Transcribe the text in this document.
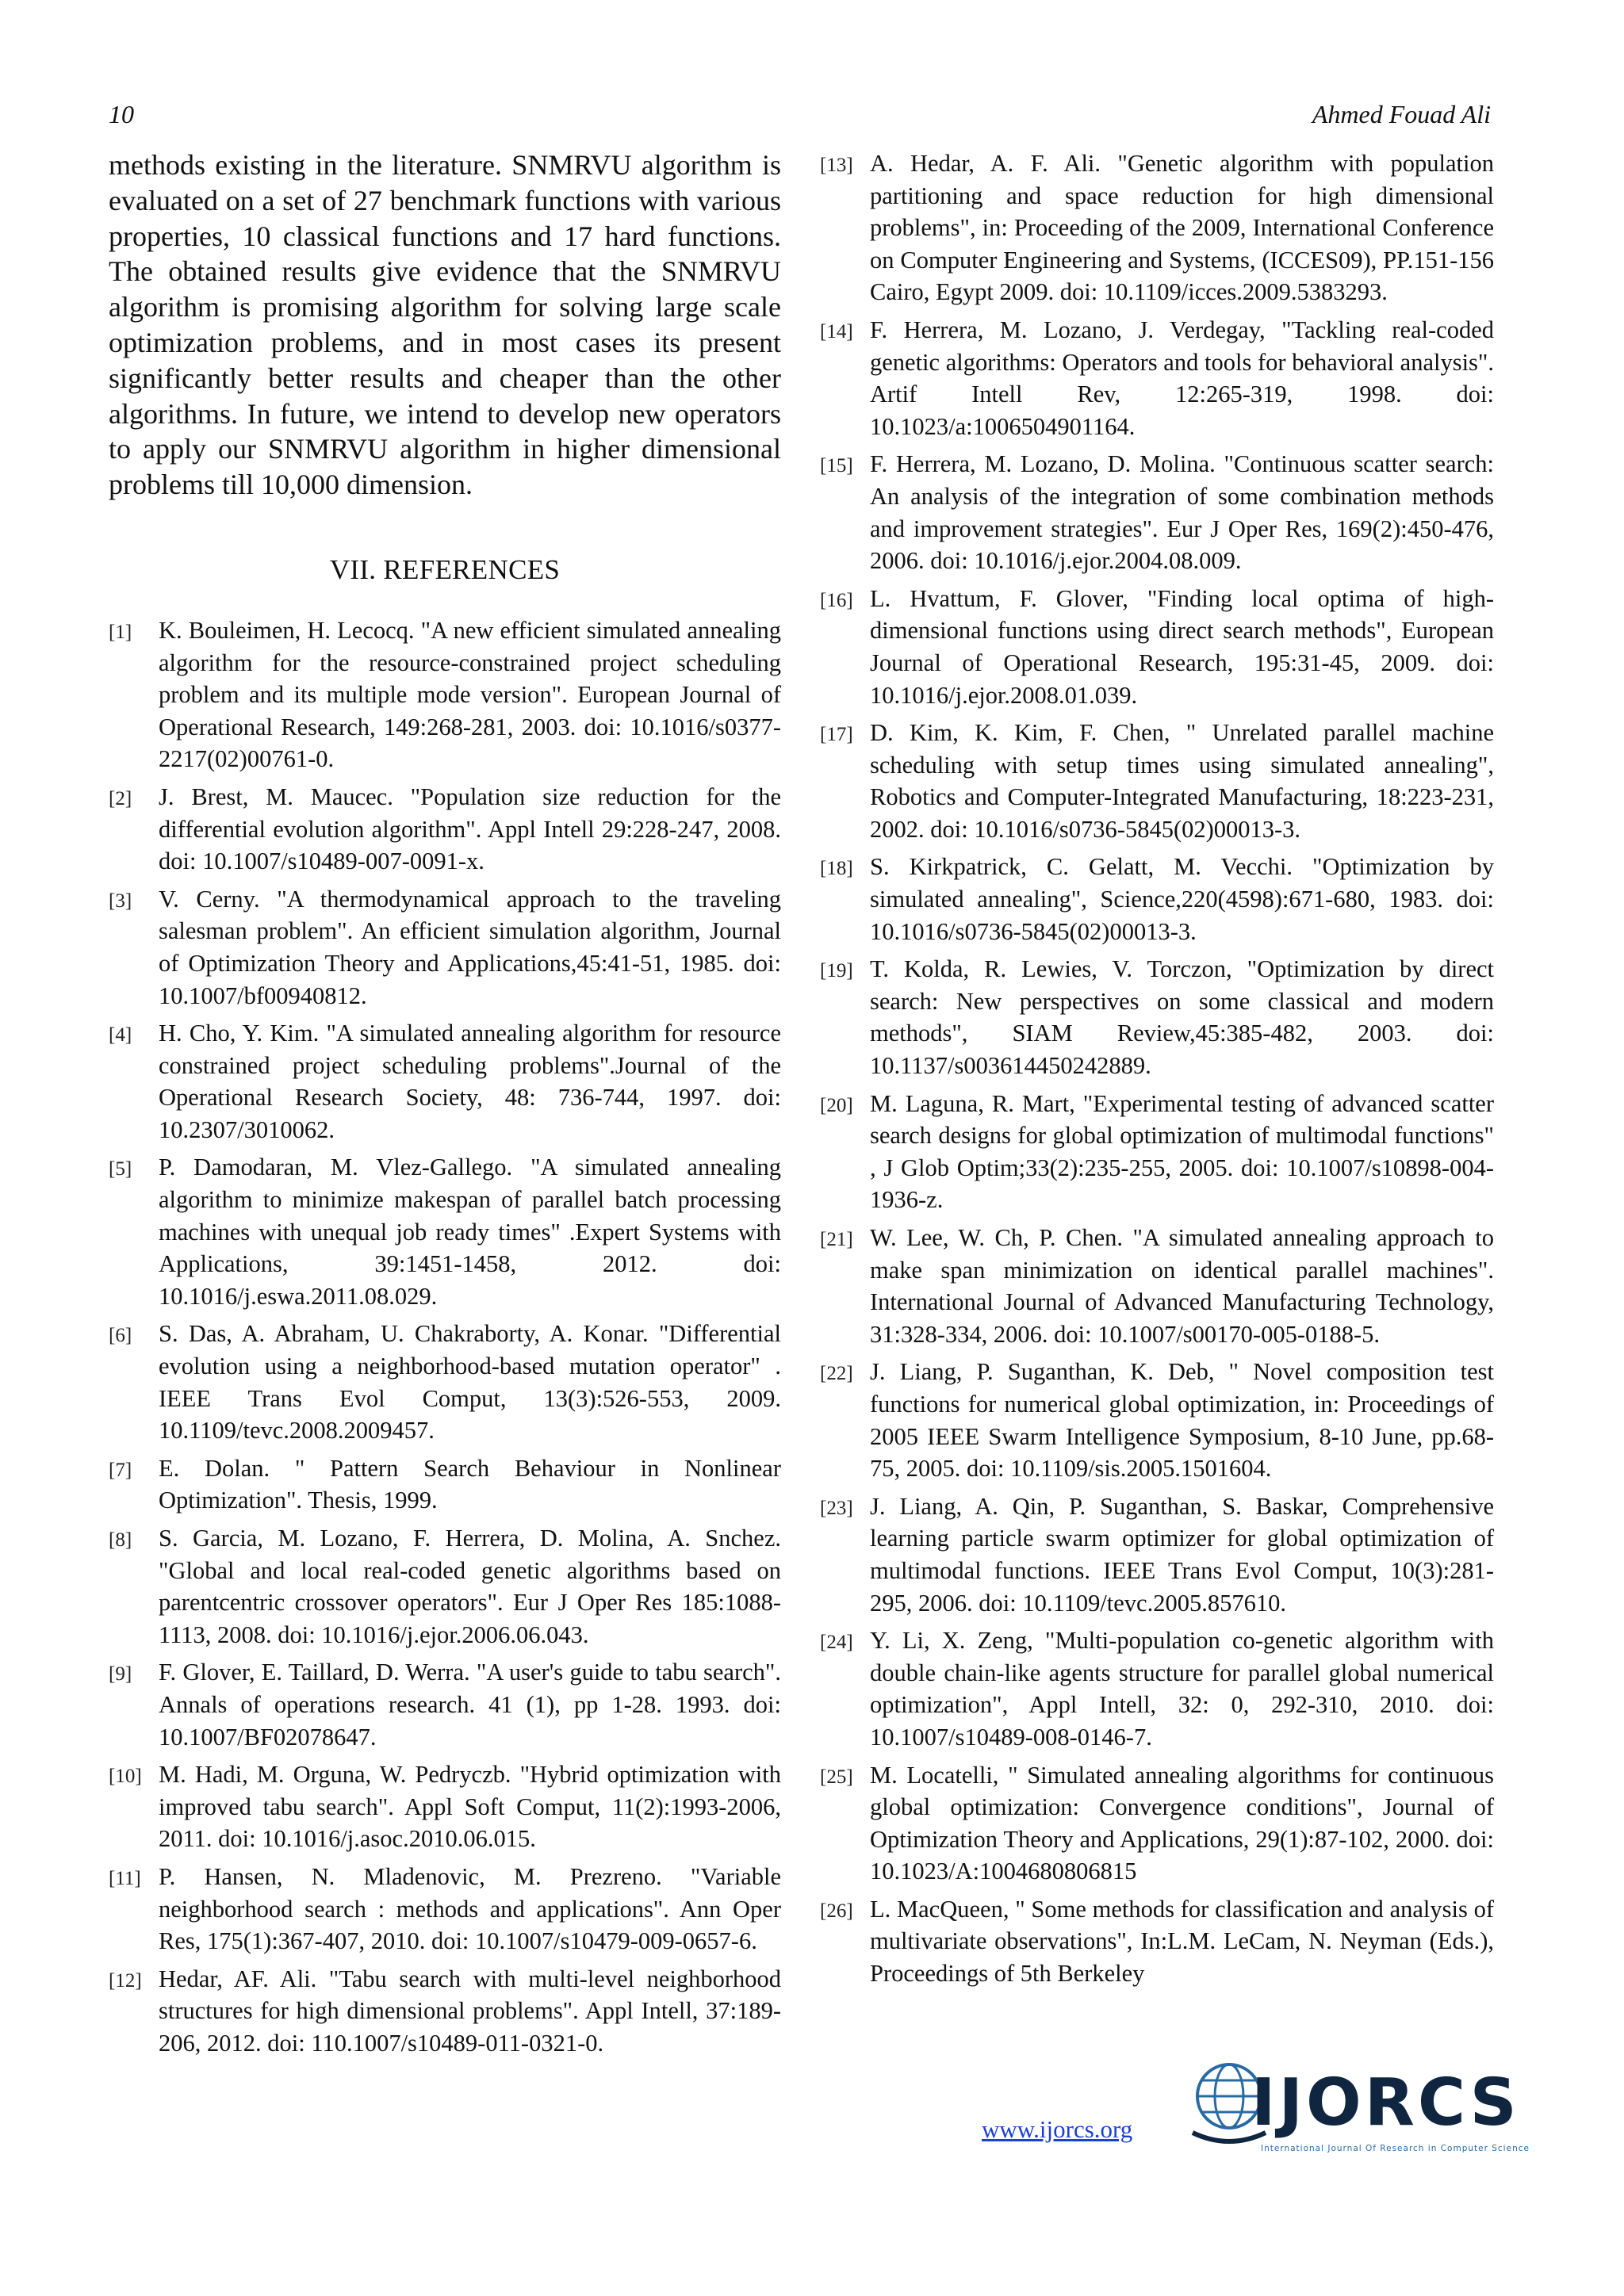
10	Ahmed Fouad Ali

methods existing in the literature. SNMRVU algorithm is evaluated on a set of 27 benchmark functions with various properties, 10 classical functions and 17 hard functions. The obtained results give evidence that the SNMRVU algorithm is promising algorithm for solving large scale optimization problems, and in most cases its present significantly better results and cheaper than the other algorithms. In future, we intend to develop new operators to apply our SNMRVU algorithm in higher dimensional problems till 10,000 dimension.

VII. REFERENCES
[1] K. Bouleimen, H. Lecocq. "A new efficient simulated annealing algorithm for the resource-constrained project scheduling problem and its multiple mode version". European Journal of Operational Research, 149:268-281, 2003. doi: 10.1016/s0377-2217(02)00761-0.
[2] J. Brest, M. Maucec. "Population size reduction for the differential evolution algorithm". Appl Intell 29:228-247, 2008. doi: 10.1007/s10489-007-0091-x.
[3] V. Cerny. "A thermodynamical approach to the traveling salesman problem". An efficient simulation algorithm, Journal of Optimization Theory and Applications,45:41-51, 1985. doi: 10.1007/bf00940812.
[4] H. Cho, Y. Kim. "A simulated annealing algorithm for resource constrained project scheduling problems".Journal of the Operational Research Society, 48: 736-744, 1997. doi: 10.2307/3010062.
[5] P. Damodaran, M. Vlez-Gallego. "A simulated annealing algorithm to minimize makespan of parallel batch processing machines with unequal job ready times" .Expert Systems with Applications, 39:1451-1458, 2012. doi: 10.1016/j.eswa.2011.08.029.
[6] S. Das, A. Abraham, U. Chakraborty, A. Konar. "Differential evolution using a neighborhood-based mutation operator" . IEEE Trans Evol Comput, 13(3):526-553, 2009. 10.1109/tevc.2008.2009457.
[7] E. Dolan. " Pattern Search Behaviour in Nonlinear Optimization". Thesis, 1999.
[8] S. Garcia, M. Lozano, F. Herrera, D. Molina, A. Snchez. "Global and local real-coded genetic algorithms based on parentcentric crossover operators". Eur J Oper Res 185:1088-1113, 2008. doi: 10.1016/j.ejor.2006.06.043.
[9] F. Glover, E. Taillard, D. Werra. "A user's guide to tabu search". Annals of operations research. 41 (1), pp 1-28. 1993. doi: 10.1007/BF02078647.
[10] M. Hadi, M. Orguna, W. Pedryczb. "Hybrid optimization with improved tabu search". Appl Soft Comput, 11(2):1993-2006, 2011. doi: 10.1016/j.asoc.2010.06.015.
[11] P. Hansen, N. Mladenovic, M. Prezreno. "Variable neighborhood search : methods and applications". Ann Oper Res, 175(1):367-407, 2010. doi: 10.1007/s10479-009-0657-6.
[12] Hedar, AF. Ali. "Tabu search with multi-level neighborhood structures for high dimensional problems". Appl Intell, 37:189-206, 2012. doi: 110.1007/s10489-011-0321-0.
[13] A. Hedar, A. F. Ali. "Genetic algorithm with population partitioning and space reduction for high dimensional problems", in: Proceeding of the 2009, International Conference on Computer Engineering and Systems, (ICCES09), PP.151-156 Cairo, Egypt 2009. doi: 10.1109/icces.2009.5383293.
[14] F. Herrera, M. Lozano, J. Verdegay, "Tackling real-coded genetic algorithms: Operators and tools for behavioral analysis". Artif Intell Rev, 12:265-319, 1998. doi: 10.1023/a:1006504901164.
[15] F. Herrera, M. Lozano, D. Molina. "Continuous scatter search: An analysis of the integration of some combination methods and improvement strategies". Eur J Oper Res, 169(2):450-476, 2006. doi: 10.1016/j.ejor.2004.08.009.
[16] L. Hvattum, F. Glover, "Finding local optima of high-dimensional functions using direct search methods", European Journal of Operational Research, 195:31-45, 2009. doi: 10.1016/j.ejor.2008.01.039.
[17] D. Kim, K. Kim, F. Chen, " Unrelated parallel machine scheduling with setup times using simulated annealing", Robotics and Computer-Integrated Manufacturing, 18:223-231, 2002. doi: 10.1016/s0736-5845(02)00013-3.
[18] S. Kirkpatrick, C. Gelatt, M. Vecchi. "Optimization by simulated annealing", Science,220(4598):671-680, 1983. doi: 10.1016/s0736-5845(02)00013-3.
[19] T. Kolda, R. Lewies, V. Torczon, "Optimization by direct search: New perspectives on some classical and modern methods", SIAM Review,45:385-482, 2003. doi: 10.1137/s003614450242889.
[20] M. Laguna, R. Mart, "Experimental testing of advanced scatter search designs for global optimization of multimodal functions" , J Glob Optim;33(2):235-255, 2005. doi: 10.1007/s10898-004-1936-z.
[21] W. Lee, W. Ch, P. Chen. "A simulated annealing approach to make span minimization on identical parallel machines". International Journal of Advanced Manufacturing Technology, 31:328-334, 2006. doi: 10.1007/s00170-005-0188-5.
[22] J. Liang, P. Suganthan, K. Deb, " Novel composition test functions for numerical global optimization, in: Proceedings of 2005 IEEE Swarm Intelligence Symposium, 8-10 June, pp.68-75, 2005. doi: 10.1109/sis.2005.1501604.
[23] J. Liang, A. Qin, P. Suganthan, S. Baskar, Comprehensive learning particle swarm optimizer for global optimization of multimodal functions. IEEE Trans Evol Comput, 10(3):281-295, 2006. doi: 10.1109/tevc.2005.857610.
[24] Y. Li, X. Zeng, "Multi-population co-genetic algorithm with double chain-like agents structure for parallel global numerical optimization", Appl Intell, 32: 0, 292-310, 2010. doi: 10.1007/s10489-008-0146-7.
[25] M. Locatelli, " Simulated annealing algorithms for continuous global optimization: Convergence conditions", Journal of Optimization Theory and Applications, 29(1):87-102, 2000. doi: 10.1023/A:1004680806815
[26] L. MacQueen, " Some methods for classification and analysis of multivariate observations", In:L.M. LeCam, N. Neyman (Eds.), Proceedings of 5th Berkeley
www.ijorcs.org IJORCS
International Journal Of Research in Computer Science
